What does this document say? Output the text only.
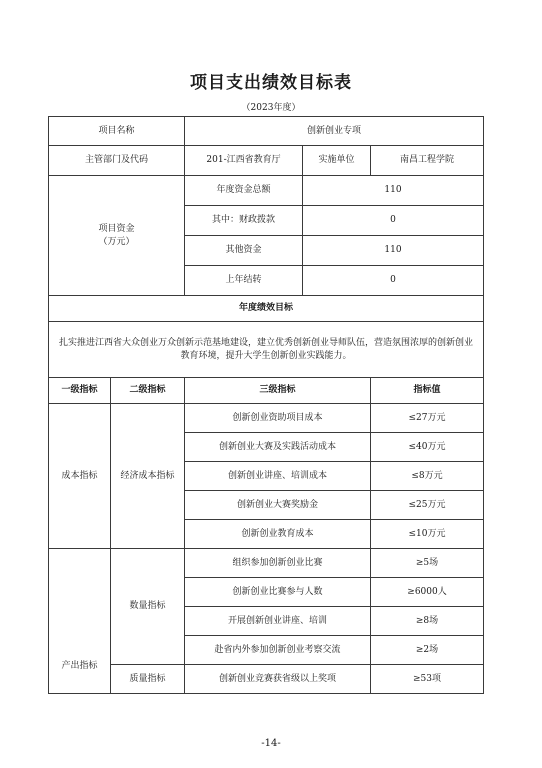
项目支出绩效目标表
（2023年度）
项目名称		创新创业专项		
主管部门及代码		201-江西省教育厅	实施单位	南昌工程学院

项目资金
（万元）		年度资金总额	110	
		其中：财政拨款	0	
		其他资金	110	
		上年结转	0	
年度绩效目标				
扎实推进江西省大众创业万众创新示范基地建设，建立优秀创新创业导师队伍，营造氛围浓厚的创新创业教育环境，提升大学生创新创业实践能力。				
一级指标	二级指标	三级指标		指标值
成本指标	经济成本指标	创新创业资助项目成本		≤27万元
		创新创业大赛及实践活动成本		≤40万元
		创新创业讲座、培训成本		≤8万元
		创新创业大赛奖励金		≤25万元
		创新创业教育成本		≤10万元
产出指标	数量指标	组织参加创新创业比赛		≥5场
		创新创业比赛参与人数		≥6000人
		开展创新创业讲座、培训		≥8场
		赴省内外参加创新创业考察交流		≥2场
	质量指标	创新创业竞赛获省级以上奖项		≥53项
-14-
